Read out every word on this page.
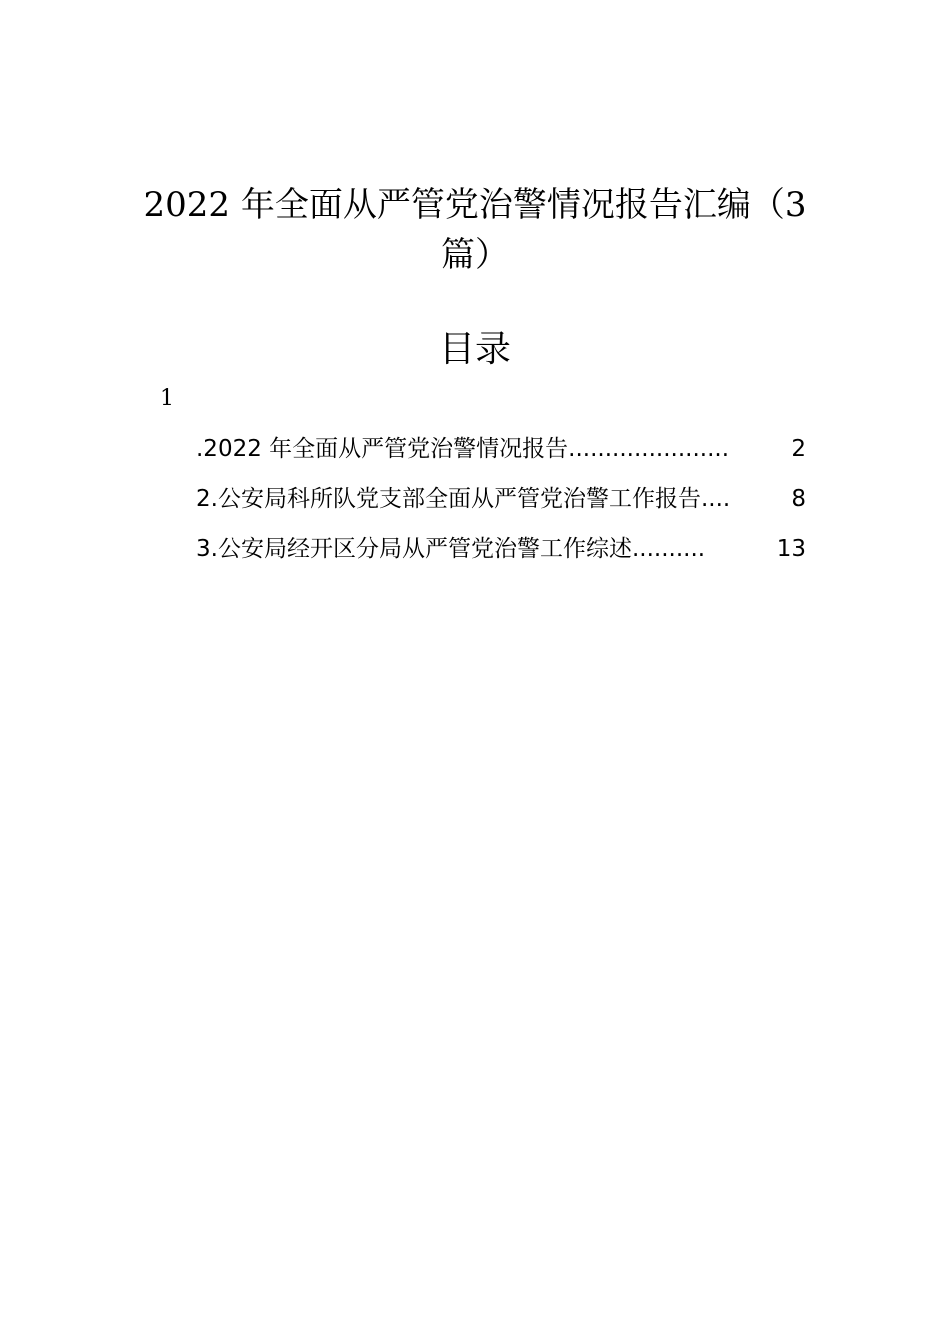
2022 年全面从严管党治警情况报告汇编（3
篇）
目录
1
.2022 年全面从严管党治警情况报告 ......................	2
2.公安局科所队党支部全面从严管党治警工作报告 ....	8
3.公安局经开区分局从严管党治警工作综述 ..........	13
